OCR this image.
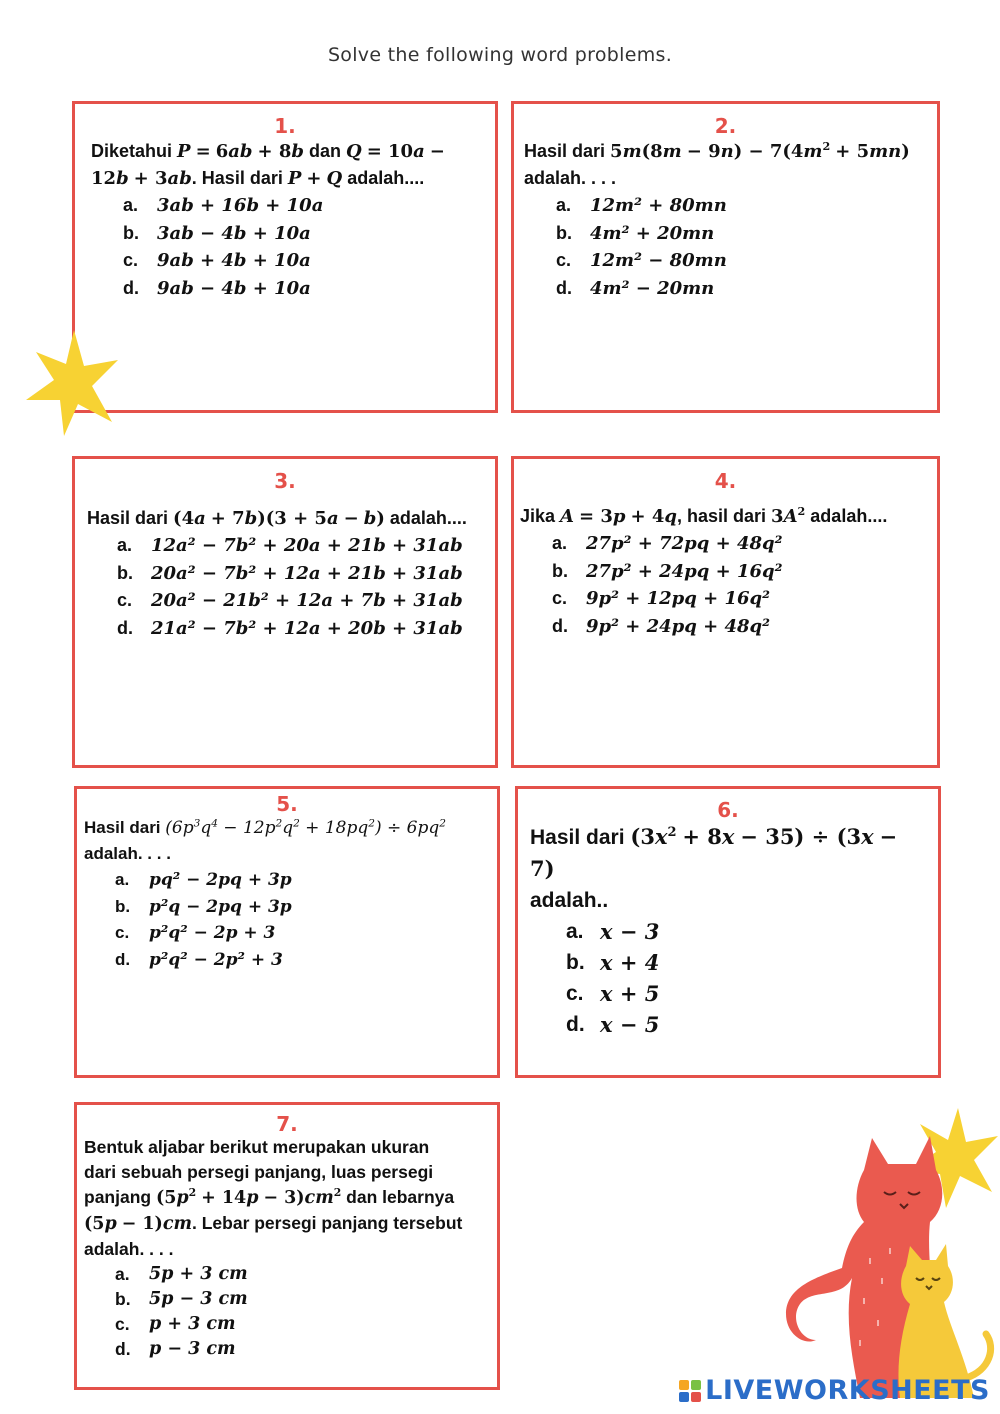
Solve the following word problems.
1.
Diketahui P = 6ab + 8b dan Q = 10a −
12b + 3ab. Hasil dari P + Q adalah....
a.	3ab + 16b + 10a
b.	3ab − 4b + 10a
c.	9ab + 4b + 10a
d.	9ab − 4b + 10a
2.
Hasil dari $5m(8m - 9n) - 7(4m^2 + 5mn)$
adalah. . . .
a.	12m² + 80mn
b.	4m² + 20mn
c.	12m² − 80mn
d.	4m² − 20mn
3.
Hasil dari (4a + 7b)(3 + 5a − b) adalah....
a.	12a² − 7b² + 20a + 21b + 31ab
b.	20a² − 7b² + 12a + 21b + 31ab
c.	20a² − 21b² + 12a + 7b + 31ab
d.	21a² − 7b² + 12a + 20b + 31ab
4.
Jika A = 3p + 4q, hasil dari $3A^2$ adalah....
a.	27p² + 72pq + 48q²
b.	27p² + 24pq + 16q²
c.	9p² + 12pq + 16q²
d.	9p² + 24pq + 48q²
5.
Hasil dari $(6p^3q^4 - 12p^2q^2 + 18pq^2) \div 6pq^2$
adalah. . . .
a.	pq² − 2pq + 3p
b.	p²q − 2pq + 3p
c.	p²q² − 2p + 3
d.	p²q² − 2p² + 3
6.
Hasil dari $(3x^2 + 8x - 35) \div (3x - 7)$
adalah..
a. x − 3
b. x + 4
c. x + 5
d. x − 5
7.
Bentuk aljabar berikut merupakan ukuran
dari sebuah persegi panjang, luas persegi
panjang $(5p^2 + 14p - 3)cm^2$ dan lebarnya
(5p − 1)cm. Lebar persegi panjang tersebut
adalah. . . .
a.	5p + 3 cm
b.	5p − 3 cm
c.	p + 3 cm
d.	p − 3 cm
LIVEWORKSHEETS
